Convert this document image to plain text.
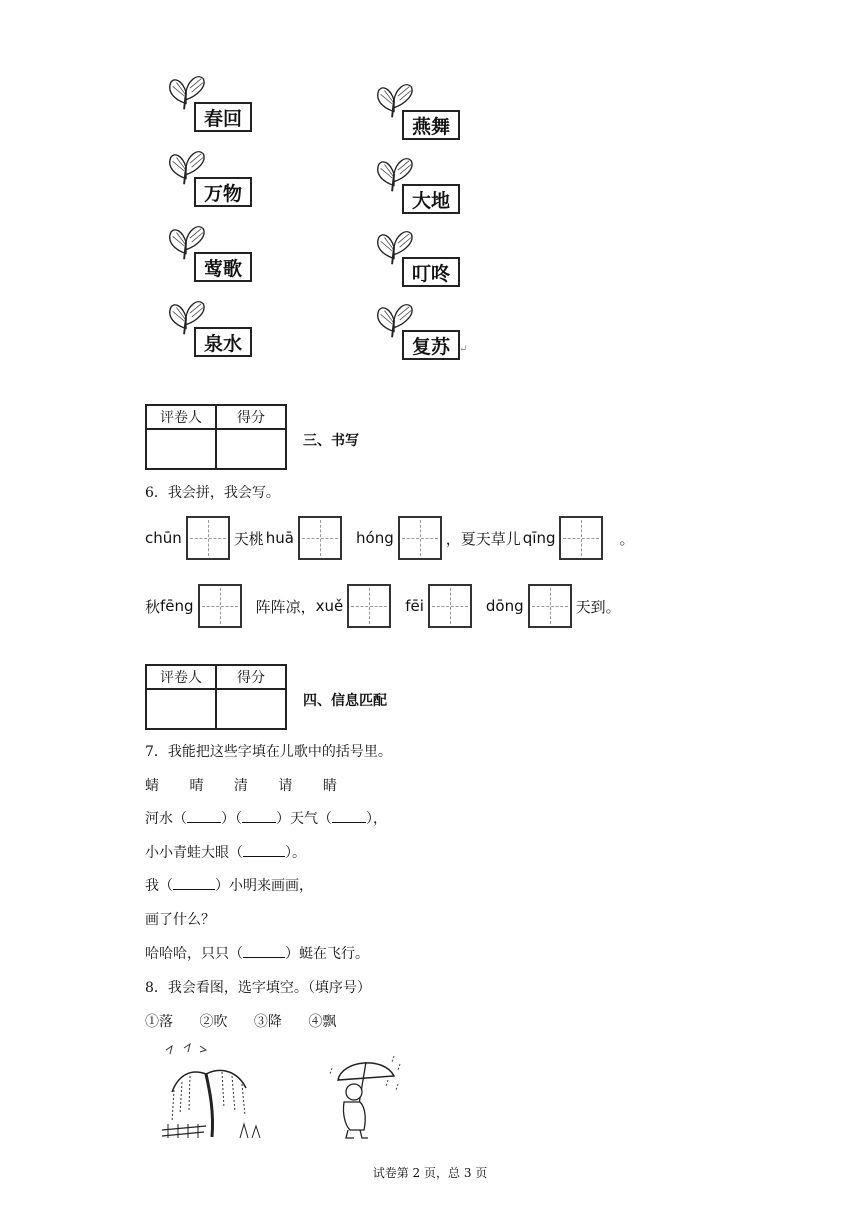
春回
万物
莺歌
泉水
燕舞
大地
叮咚
复苏 ↵
评卷人	得分

三、书写
6．我会拼，我会写。
chūn	天桃 huā	hóng	，夏天草儿 qīng	。
秋 fēng	阵阵凉， xuě	fēi	dōng	天到。
评卷人	得分

四、信息匹配
7．我能把这些字填在儿歌中的括号里。
蜻 晴 清 请 睛
河水（ ）（ ）天气（ ），
小小青蛙大眼（	）。
我（	）小明来画画，
画了什么？
哈哈哈，只只（	）蜓在飞行。
8．我会看图，选字填空。（填序号）
①落 ②吹 ③降 ④飘
试卷第 2 页，总 3 页
